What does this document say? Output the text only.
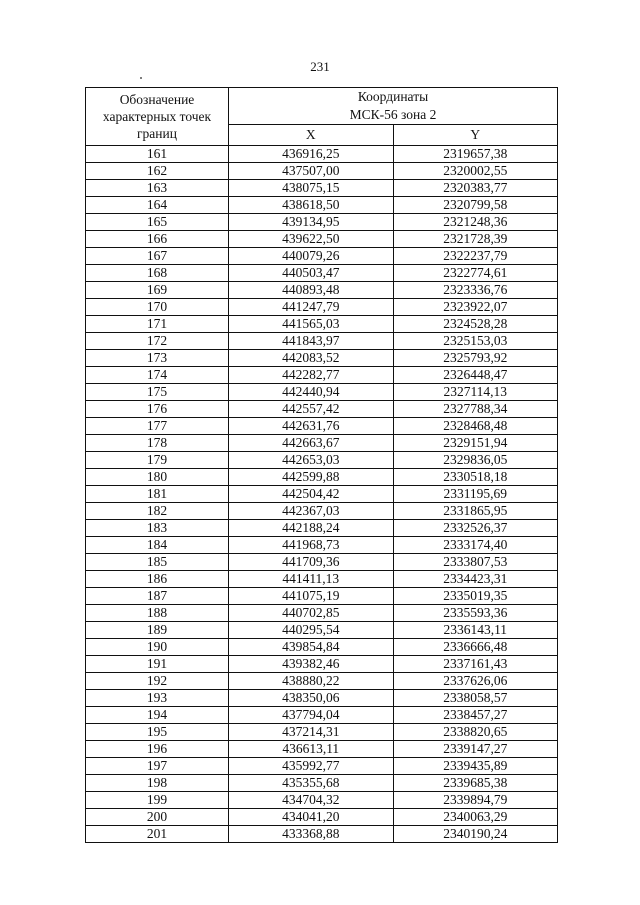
231
Обозначение характерных точек границ	Координаты
МСК-56 зона 2	

	X	Y
161	436916,25	2319657,38
162	437507,00	2320002,55
163	438075,15	2320383,77
164	438618,50	2320799,58
165	439134,95	2321248,36
166	439622,50	2321728,39
167	440079,26	2322237,79
168	440503,47	2322774,61
169	440893,48	2323336,76
170	441247,79	2323922,07
171	441565,03	2324528,28
172	441843,97	2325153,03
173	442083,52	2325793,92
174	442282,77	2326448,47
175	442440,94	2327114,13
176	442557,42	2327788,34
177	442631,76	2328468,48
178	442663,67	2329151,94
179	442653,03	2329836,05
180	442599,88	2330518,18
181	442504,42	2331195,69
182	442367,03	2331865,95
183	442188,24	2332526,37
184	441968,73	2333174,40
185	441709,36	2333807,53
186	441411,13	2334423,31
187	441075,19	2335019,35
188	440702,85	2335593,36
189	440295,54	2336143,11
190	439854,84	2336666,48
191	439382,46	2337161,43
192	438880,22	2337626,06
193	438350,06	2338058,57
194	437794,04	2338457,27
195	437214,31	2338820,65
196	436613,11	2339147,27
197	435992,77	2339435,89
198	435355,68	2339685,38
199	434704,32	2339894,79
200	434041,20	2340063,29
201	433368,88	2340190,24
